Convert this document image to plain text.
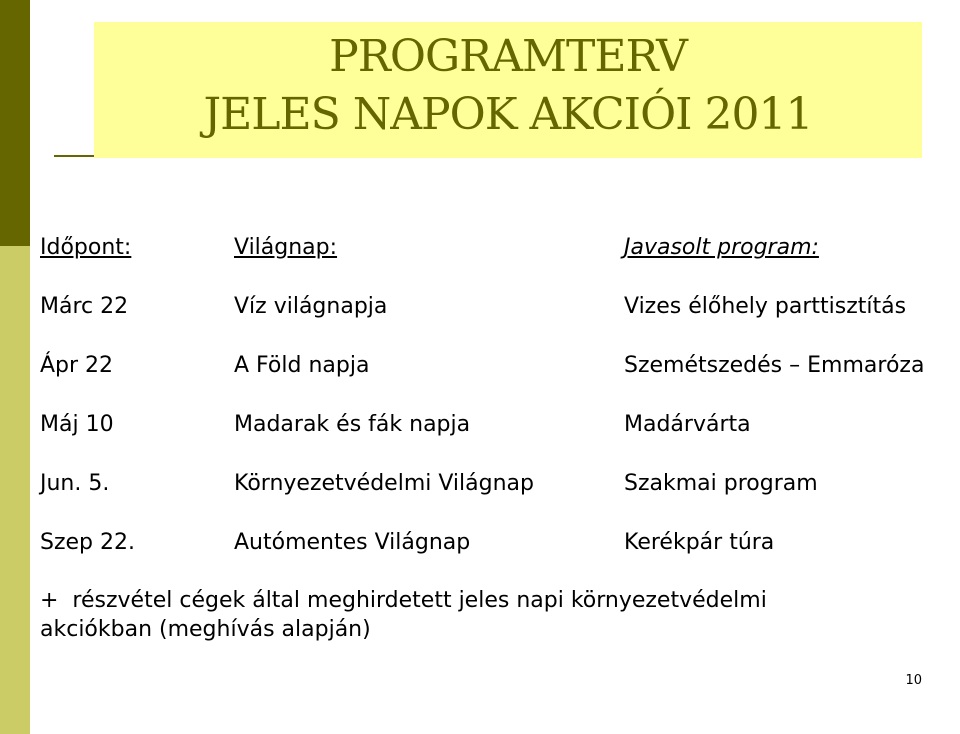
PROGRAMTERV
JELES NAPOK AKCIÓI 2011
Időpont:	Világnap:	Javasolt program:
Márc 22	Víz világnapja	Vizes élőhely parttisztítás
Ápr 22	A Föld napja	Szemétszedés – Emmaróza
Máj 10	Madarak és fák napja	Madárvárta
Jun. 5.	Környezetvédelmi Világnap	Szakmai program
Szep 22.	Autómentes Világnap	Kerékpár túra
+  részvétel cégek által meghirdetett jeles napi környezetvédelmi
akciókban (meghívás alapján)
10
